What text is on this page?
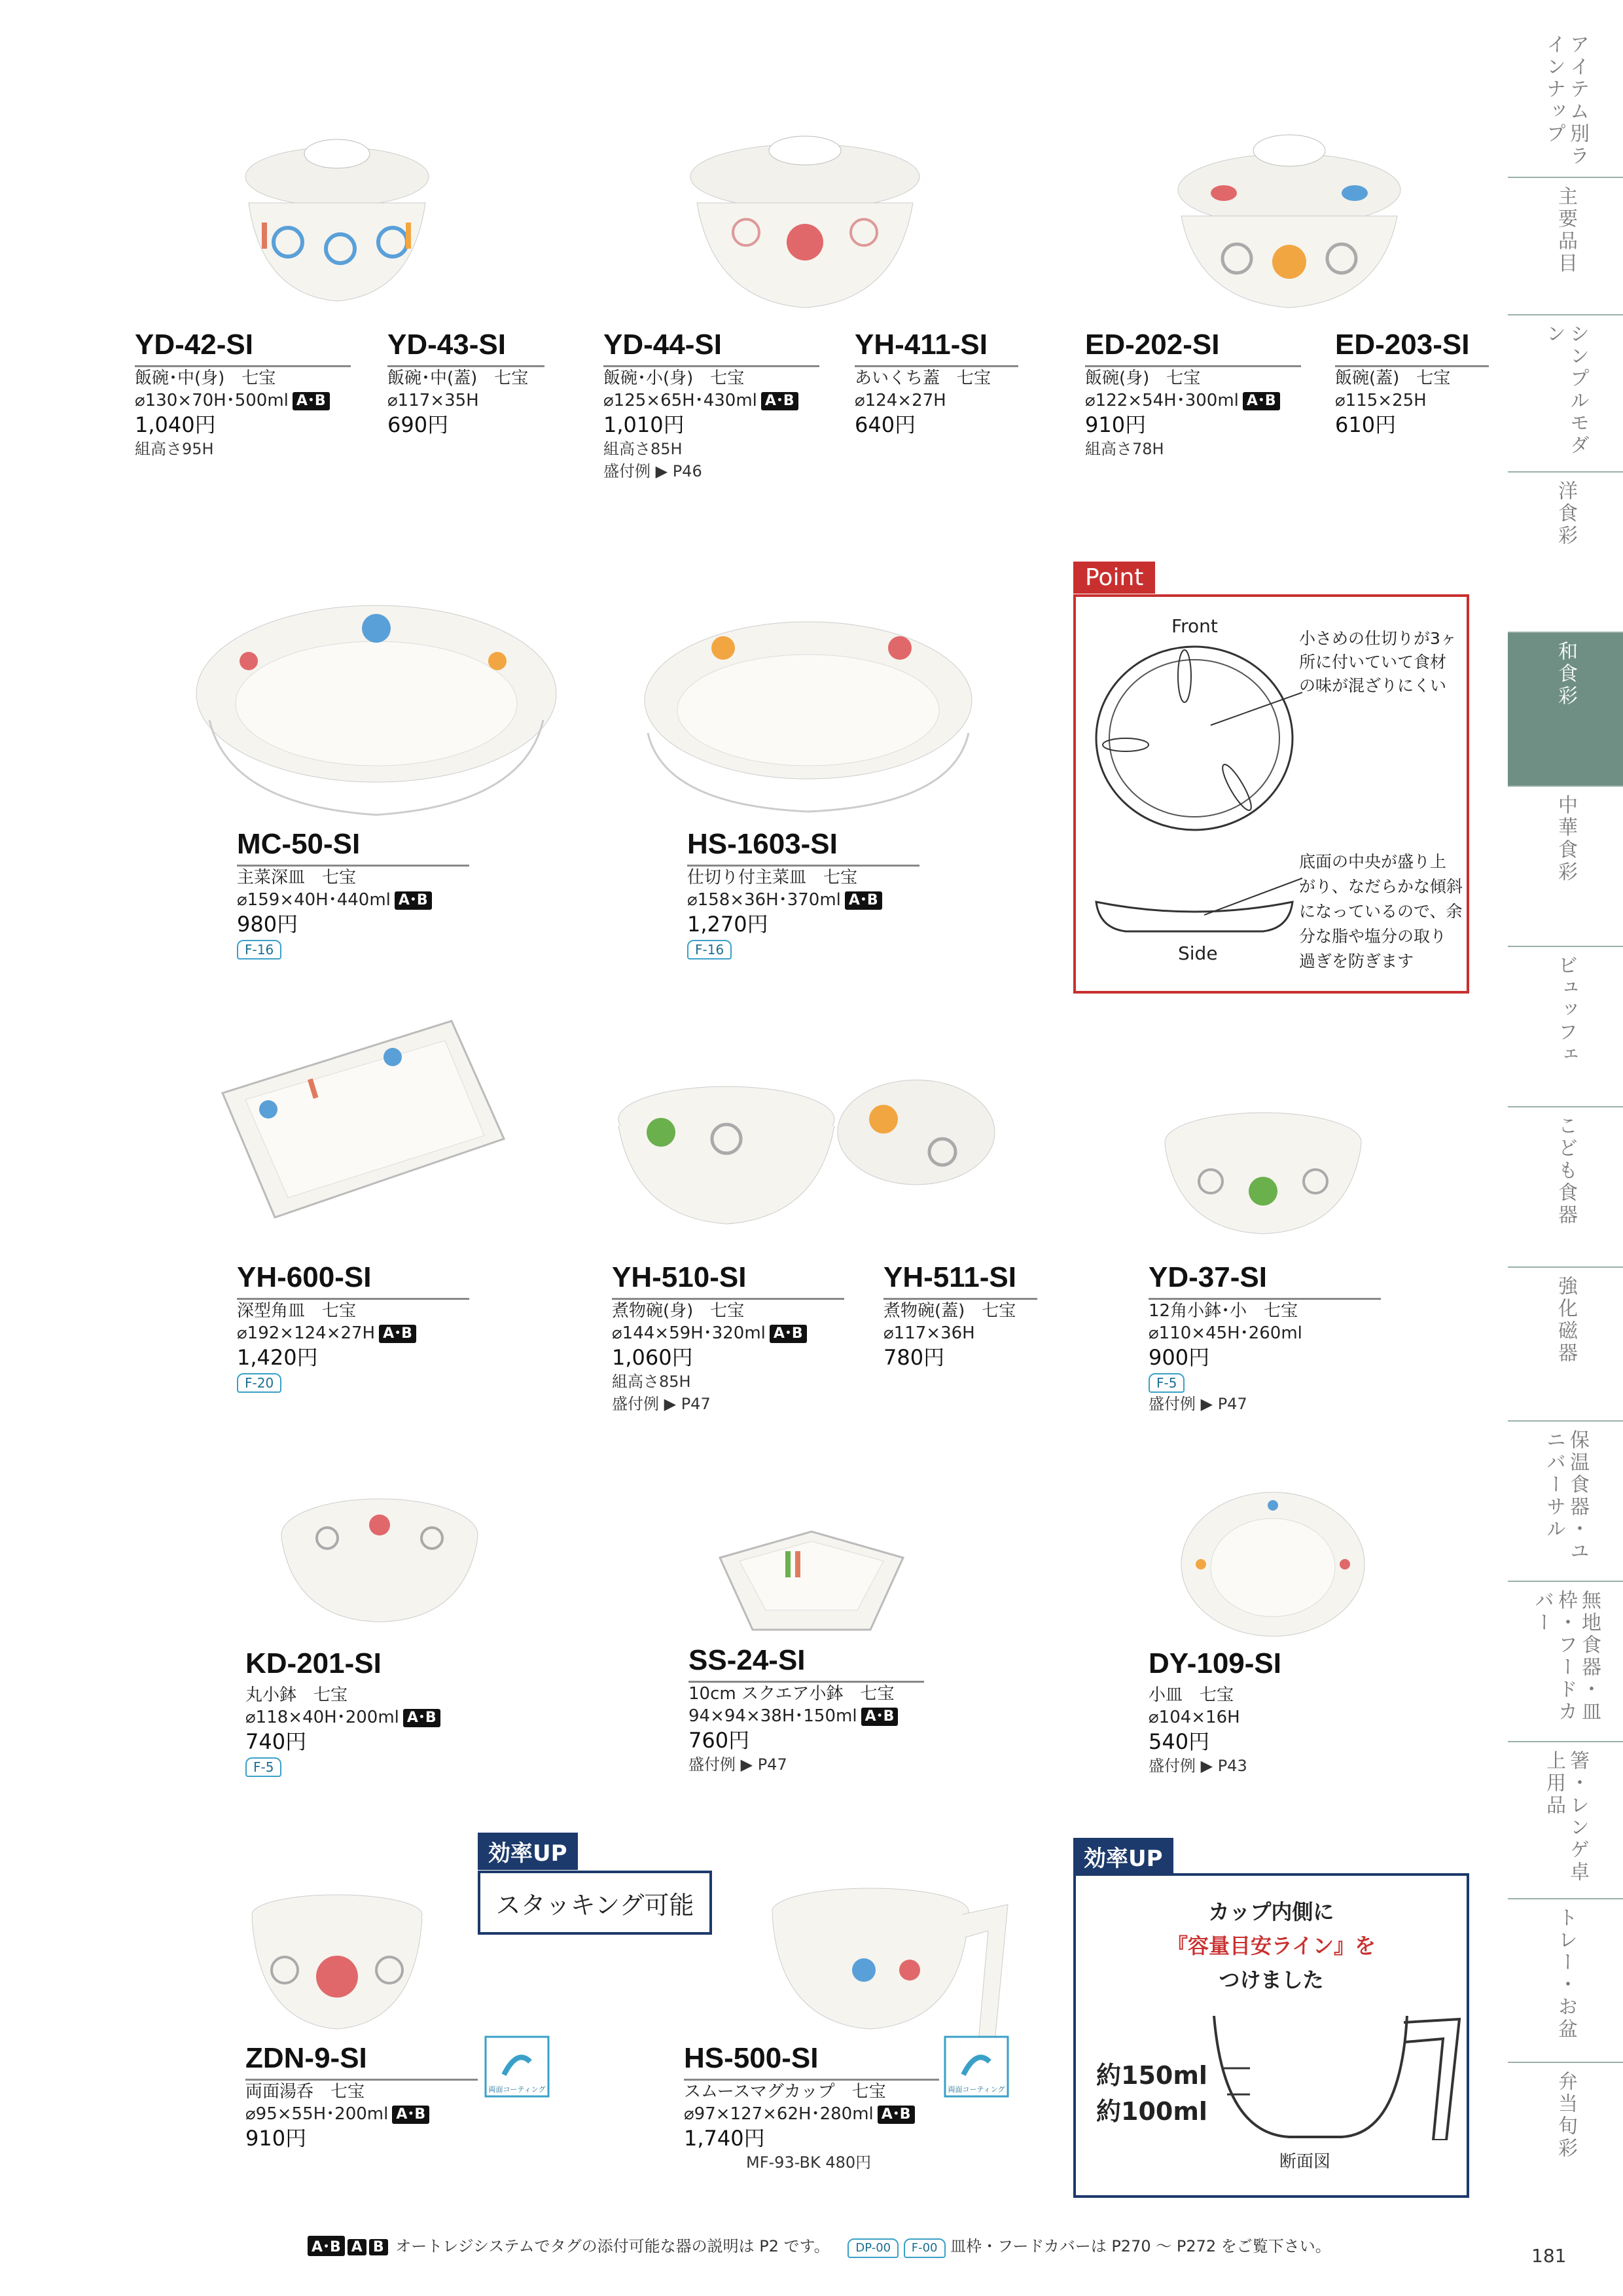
YD-42-SI
飯碗･中(身)　七宝
⌀130×70H･500ml A･B
1,040円
組高さ95H
YD-43-SI
飯碗･中(蓋)　七宝
⌀117×35H
690円
YD-44-SI
飯碗･小(身)　七宝
⌀125×65H･430ml A･B
1,010円
組高さ85H
盛付例 ▶ P46
YH-411-SI
あいくち蓋　七宝
⌀124×27H
640円
ED-202-SI
飯碗(身)　七宝
⌀122×54H･300ml A･B
910円
組高さ78H
ED-203-SI
飯碗(蓋)　七宝
⌀115×25H
610円
MC-50-SI
主菜深皿　七宝
⌀159×40H･440ml A･B
980円
F-16
HS-1603-SI
仕切り付主菜皿　七宝
⌀158×36H･370ml A･B
1,270円
F-16
Point
Front
Side
小さめの仕切りが3ヶ
所に付いていて食材
の味が混ざりにくい
底面の中央が盛り上
がり、なだらかな傾斜
になっているので、余
分な脂や塩分の取り
過ぎを防ぎます
YH-600-SI
深型角皿　七宝
⌀192×124×27H A･B
1,420円
F-20
YH-510-SI
煮物碗(身)　七宝
⌀144×59H･320ml A･B
1,060円
組高さ85H
盛付例 ▶ P47
YH-511-SI
煮物碗(蓋)　七宝
⌀117×36H
780円
YD-37-SI
12角小鉢･小　七宝
⌀110×45H･260ml
900円
F-5
盛付例 ▶ P47
KD-201-SI
丸小鉢　七宝
⌀118×40H･200ml A･B
740円
F-5
SS-24-SI
10cm スクエア小鉢　七宝
94×94×38H･150ml A･B
760円
盛付例 ▶ P47
DY-109-SI
小皿　七宝
⌀104×16H
540円
盛付例 ▶ P43
効率UP
スタッキング可能
両面コーティング	両面コーティング
ZDN-9-SI
両面湯呑　七宝
⌀95×55H･200ml A･B
910円
HS-500-SI
スムースマグカップ　七宝
⌀97×127×62H･280ml A･B
1,740円
MF-93-BK 480円
効率UP
カップ内側に
『容量目安ライン』を
つけました
約150ml
約100ml
断面図
A･B A B オートレジシステムでタグの添付可能な器の説明は P2 です。 DP-00 F-00 皿枠・フードカバーは P270 ～ P272 をご覧下さい。	181
アイテム別ラインナップ
主要品目
シンプルモダン
洋食彩
和食彩
中華食彩
ビュッフェ
こども食器
強化磁器
保温食器・ユニバーサル
無地食器・皿枠・フードカバー
箸・レンゲ卓上用品
トレー・お盆
弁当旬彩
